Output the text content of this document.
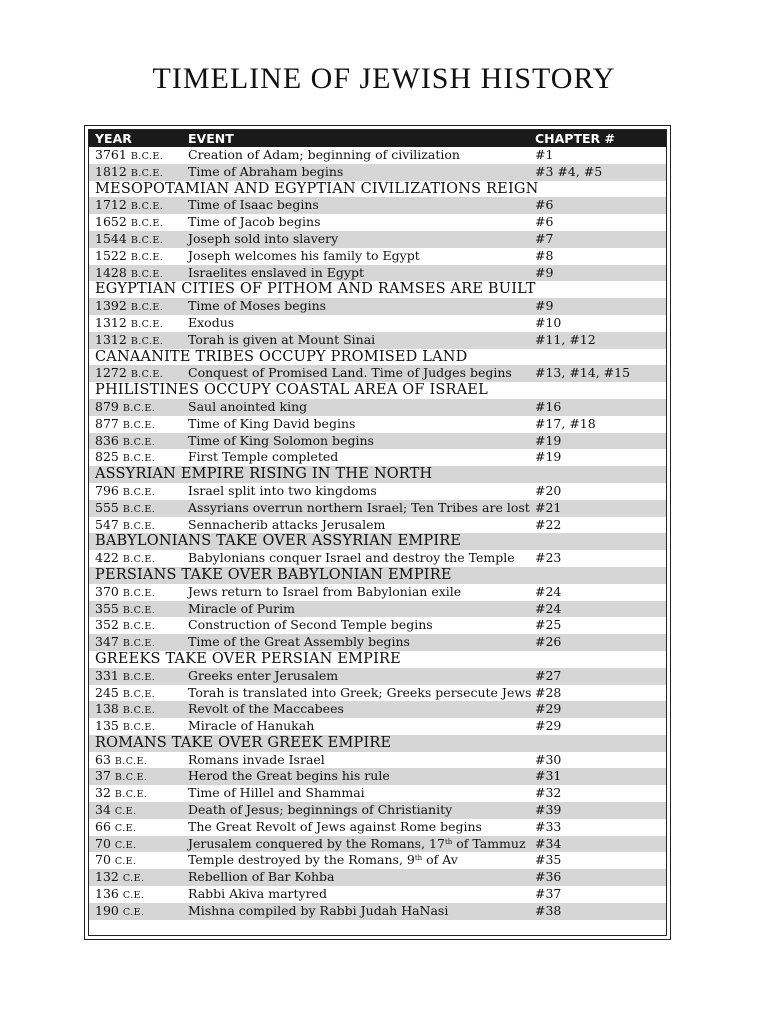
TIMELINE OF JEWISH HISTORY
YEAR	EVENT	CHAPTER #
3761 B.C.E. Creation of Adam; beginning of civilization	#1
1812 B.C.E. Time of Abraham begins	#3 #4, #5
MESOPOTAMIAN AND EGYPTIAN CIVILIZATIONS REIGN
1712 B.C.E. Time of Isaac begins	#6
1652 B.C.E. Time of Jacob begins	#6
1544 B.C.E. Joseph sold into slavery	#7
1522 B.C.E. Joseph welcomes his family to Egypt	#8
1428 B.C.E. Israelites enslaved in Egypt	#9
EGYPTIAN CITIES OF PITHOM AND RAMSES ARE BUILT
1392 B.C.E. Time of Moses begins	#9
1312 B.C.E. Exodus	#10
1312 B.C.E. Torah is given at Mount Sinai	#11, #12
CANAANITE TRIBES OCCUPY PROMISED LAND
1272 B.C.E. Conquest of Promised Land. Time of Judges begins #13, #14, #15
PHILISTINES OCCUPY COASTAL AREA OF ISRAEL
879 B.C.E.	Saul anointed king	#16
877 B.C.E.	Time of King David begins	#17, #18
836 B.C.E.	Time of King Solomon begins	#19
825 B.C.E.	First Temple completed	#19
ASSYRIAN EMPIRE RISING IN THE NORTH
796 B.C.E.	Israel split into two kingdoms	#20
555 B.C.E.	Assyrians overrun northern Israel; Ten Tribes are lost #21
547 B.C.E.	Sennacherib attacks Jerusalem	#22
BABYLONIANS TAKE OVER ASSYRIAN EMPIRE
422 B.C.E.	Babylonians conquer Israel and destroy the Temple #23
PERSIANS TAKE OVER BABYLONIAN EMPIRE
370 B.C.E.	Jews return to Israel from Babylonian exile	#24
355 B.C.E.	Miracle of Purim	#24
352 B.C.E.	Construction of Second Temple begins	#25
347 B.C.E.	Time of the Great Assembly begins	#26
GREEKS TAKE OVER PERSIAN EMPIRE
331 B.C.E.	Greeks enter Jerusalem	#27
245 B.C.E.	Torah is translated into Greek; Greeks persecute Jews #28
138 B.C.E.	Revolt of the Maccabees	#29
135 B.C.E.	Miracle of Hanukah	#29
ROMANS TAKE OVER GREEK EMPIRE
63 B.C.E.	Romans invade Israel	#30
37 B.C.E.	Herod the Great begins his rule	#31
32 B.C.E.	Time of Hillel and Shammai	#32
34 C.E.	Death of Jesus; beginnings of Christianity	#39
66 C.E.	The Great Revolt of Jews against Rome begins	#33
70 C.E.	Jerusalem conquered by the Romans, 17th of Tammuz #34
70 C.E.	Temple destroyed by the Romans, 9th of Av	#35
132 C.E.	Rebellion of Bar Kohba	#36
136 C.E.	Rabbi Akiva martyred	#37
190 C.E.	Mishna compiled by Rabbi Judah HaNasi	#38
